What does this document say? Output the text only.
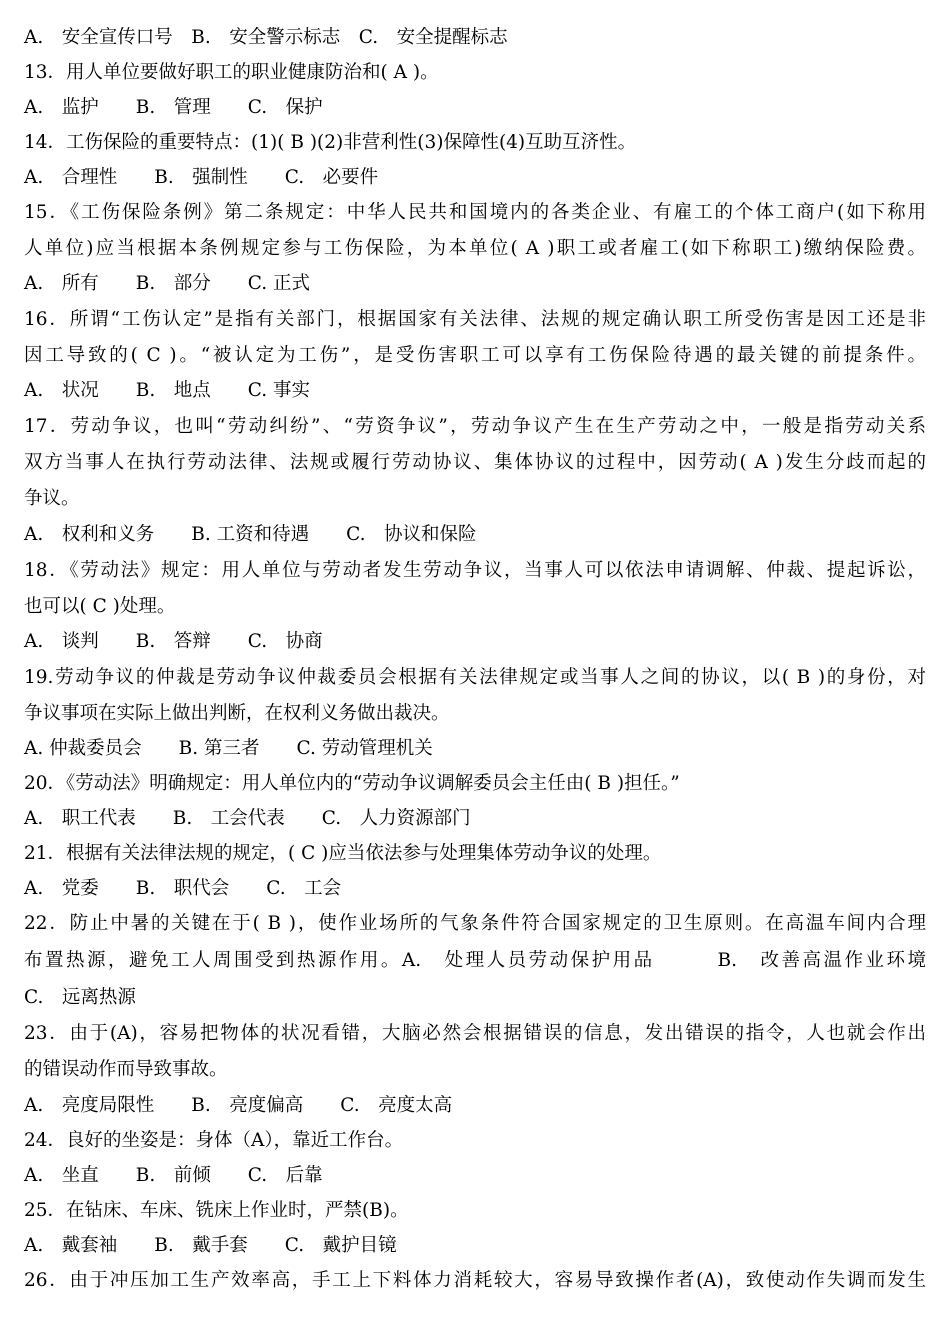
A.　安全宣传口号　B.　安全警示标志　C.　安全提醒标志
13．用人单位要做好职工的职业健康防治和( A )。
A.　监护　　B.　管理　　C.　保护
14．工伤保险的重要特点：(1)( B )(2)非营利性(3)保障性(4)互助互济性。
A.　合理性　　B.　强制性　　C.　必要件
15．《工伤保险条例》第二条规定：中华人民共和国境内的各类企业、有雇工的个体工商户(如下称用
人单位)应当根据本条例规定参与工伤保险，为本单位( A )职工或者雇工(如下称职工)缴纳保险费。
A.　所有　　B.　部分　　C. 正式
16．所谓“工伤认定”是指有关部门，根据国家有关法律、法规的规定确认职工所受伤害是因工还是非
因工导致的( C )。“被认定为工伤”，是受伤害职工可以享有工伤保险待遇的最关键的前提条件。
A.　状况　　B.　地点　　C. 事实
17．劳动争议，也叫“劳动纠纷”、“劳资争议”，劳动争议产生在生产劳动之中，一般是指劳动关系
双方当事人在执行劳动法律、法规或履行劳动协议、集体协议的过程中，因劳动( A )发生分歧而起的
争议。
A.　权利和义务　　B. 工资和待遇　　C.　协议和保险
18．《劳动法》规定：用人单位与劳动者发生劳动争议，当事人可以依法申请调解、仲裁、提起诉讼，
也可以( C )处理。
A.　谈判　　B.　答辩　　C.　协商
19.劳动争议的仲裁是劳动争议仲裁委员会根据有关法律规定或当事人之间的协议，以( B )的身份，对
争议事项在实际上做出判断，在权利义务做出裁决。
A. 仲裁委员会　　B. 第三者　　C. 劳动管理机关
20．《劳动法》明确规定：用人单位内的“劳动争议调解委员会主任由( B )担任。”
A.　职工代表　　B.　工会代表　　C.　人力资源部门
21．根据有关法律法规的规定，( C )应当依法参与处理集体劳动争议的处理。
A.　党委　　B.　职代会　　C.　工会
22．防止中暑的关键在于( B )，使作业场所的气象条件符合国家规定的卫生原则。在高温车间内合理
布置热源，避免工人周围受到热源作用。A.　处理人员劳动保护用品　　　B.　改善高温作业环境
C.　远离热源
23．由于(A)，容易把物体的状况看错，大脑必然会根据错误的信息，发出错误的指令，人也就会作出
的错误动作而导致事故。
A.　亮度局限性　　B.　亮度偏高　　C.　亮度太高
24．良好的坐姿是：身体（A），靠近工作台。
A.　坐直　　B.　前倾　　C.　后靠
25．在钻床、车床、铣床上作业时，严禁(B)。
A.　戴套袖　　B.　戴手套　　C.　戴护目镜
26．由于冲压加工生产效率高，手工上下料体力消耗较大，容易导致操作者(A)，致使动作失调而发生
